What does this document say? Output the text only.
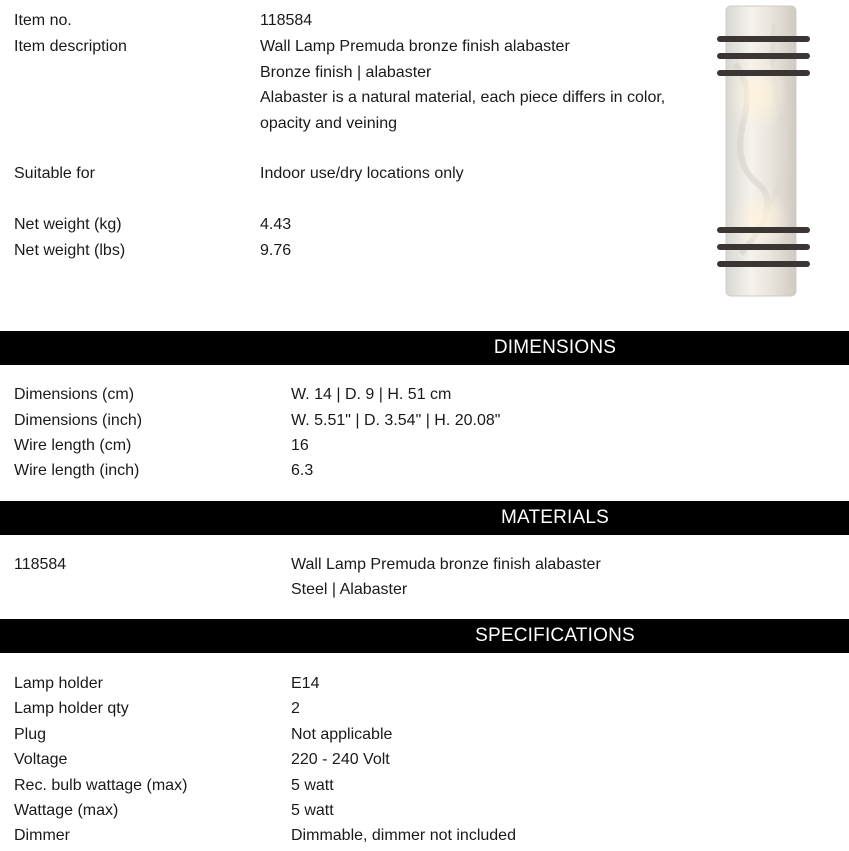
Item no.	118584
Item description	Wall Lamp Premuda bronze finish alabaster
Bronze finish | alabaster
Alabaster is a natural material, each piece differs in color,
opacity and veining
Suitable for	Indoor use/dry locations only
Net weight (kg)	4.43
Net weight (lbs)	9.76
DIMENSIONS
Dimensions (cm)	W. 14 | D. 9 | H. 51 cm
Dimensions (inch)	W. 5.51" | D. 3.54" | H. 20.08"
Wire length (cm)	16
Wire length (inch)	6.3
MATERIALS
118584	Wall Lamp Premuda bronze finish alabaster
Steel | Alabaster
SPECIFICATIONS
Lamp holder	E14
Lamp holder qty	2
Plug	Not applicable
Voltage	220 - 240 Volt
Rec. bulb wattage (max)	5 watt
Wattage (max)	5 watt
Dimmer	Dimmable, dimmer not included
